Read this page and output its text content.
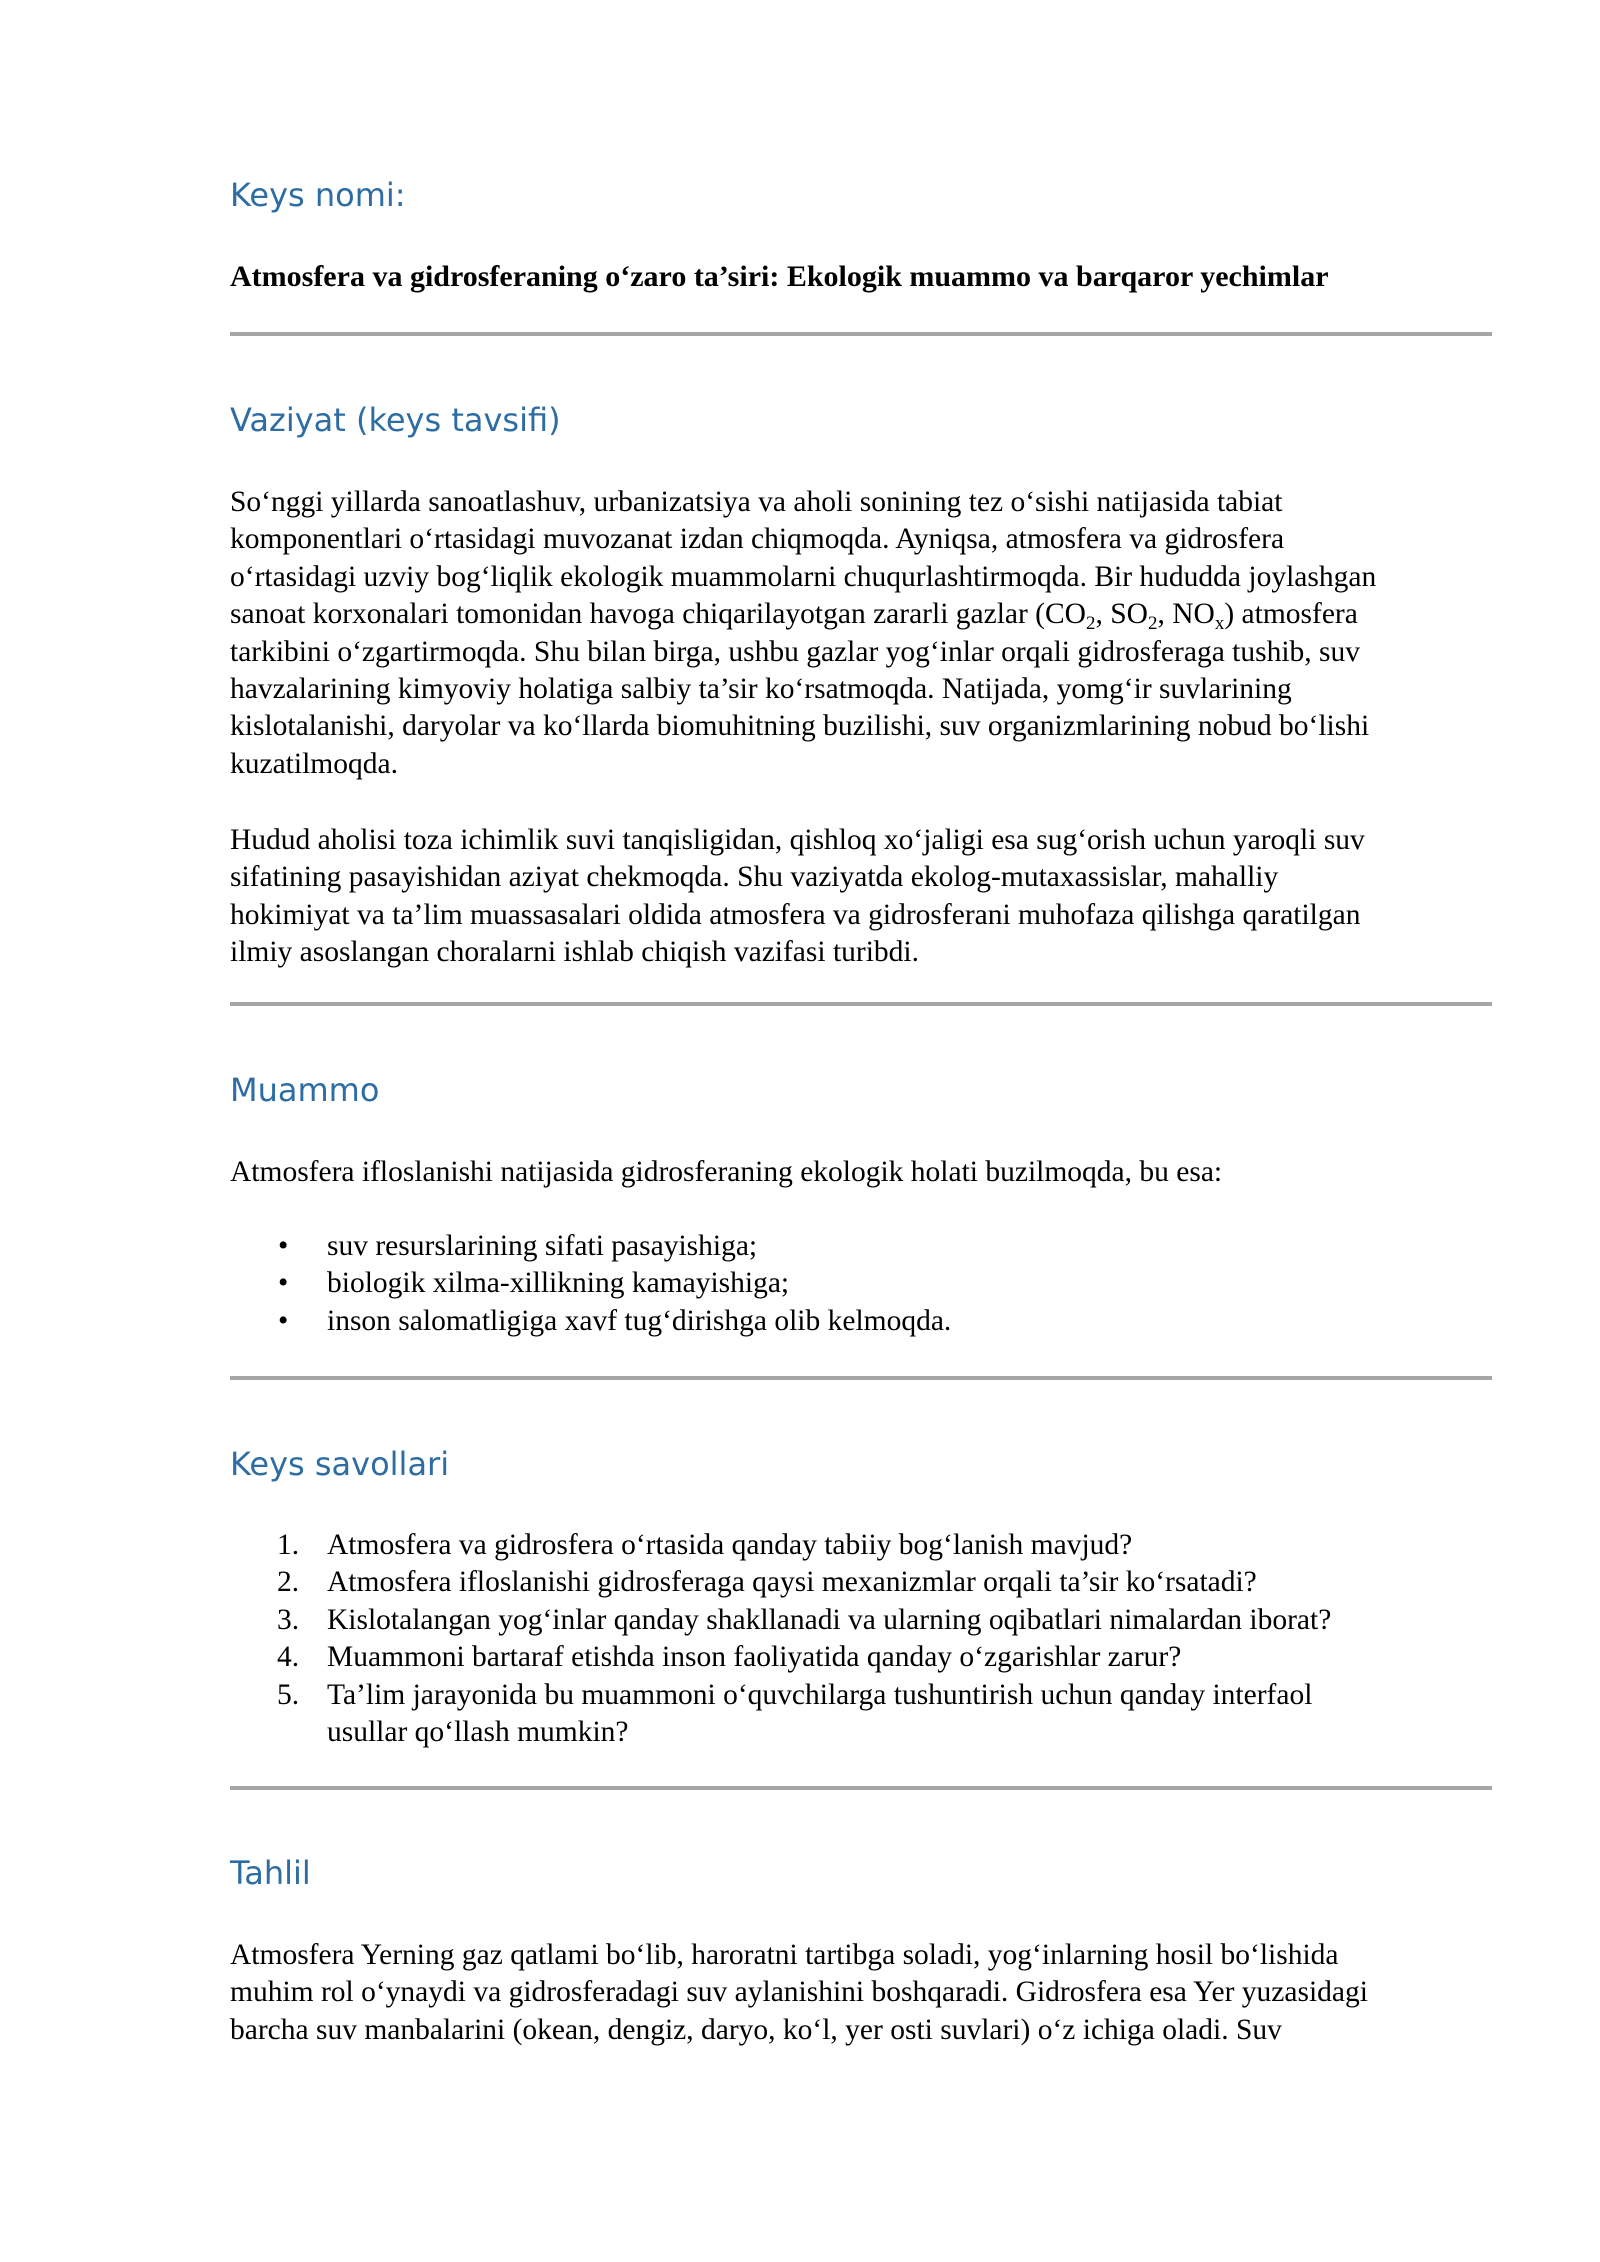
Keys nomi:

Atmosfera va gidrosferaning o‘zaro ta’siri: Ekologik muammo va barqaror yechimlar

Vaziyat (keys tavsifi)
So‘nggi yillarda sanoatlashuv, urbanizatsiya va aholi sonining tez o‘sishi natijasida tabiat
komponentlari o‘rtasidagi muvozanat izdan chiqmoqda. Ayniqsa, atmosfera va gidrosfera
o‘rtasidagi uzviy bog‘liqlik ekologik muammolarni chuqurlashtirmoqda. Bir hududda joylashgan
sanoat korxonalari tomonidan havoga chiqarilayotgan zararli gazlar ($CO_2$, $SO_2$, $NO_x$) atmosfera
tarkibini o‘zgartirmoqda. Shu bilan birga, ushbu gazlar yog‘inlar orqali gidrosferaga tushib, suv
havzalarining kimyoviy holatiga salbiy ta’sir ko‘rsatmoqda. Natijada, yomg‘ir suvlarining
kislotalanishi, daryolar va ko‘llarda biomuhitning buzilishi, suv organizmlarining nobud bo‘lishi
kuzatilmoqda.
Hudud aholisi toza ichimlik suvi tanqisligidan, qishloq xo‘jaligi esa sug‘orish uchun yaroqli suv
sifatining pasayishidan aziyat chekmoqda. Shu vaziyatda ekolog-mutaxassislar, mahalliy
hokimiyat va ta’lim muassasalari oldida atmosfera va gidrosferani muhofaza qilishga qaratilgan
ilmiy asoslangan choralarni ishlab chiqish vazifasi turibdi.
Muammo

Atmosfera ifloslanishi natijasida gidrosferaning ekologik holati buzilmoqda, bu esa:

• suv resurslarining sifati pasayishiga;
• biologik xilma-xillikning kamayishiga;
• inson salomatligiga xavf tug‘dirishga olib kelmoqda.
Keys savollari
1. Atmosfera va gidrosfera o‘rtasida qanday tabiiy bog‘lanish mavjud?
2. Atmosfera ifloslanishi gidrosferaga qaysi mexanizmlar orqali ta’sir ko‘rsatadi?
3. Kislotalangan yog‘inlar qanday shakllanadi va ularning oqibatlari nimalardan iborat?
4. Muammoni bartaraf etishda inson faoliyatida qanday o‘zgarishlar zarur?
5. Ta’lim jarayonida bu muammoni o‘quvchilarga tushuntirish uchun qanday interfaol
usullar qo‘llash mumkin?
Tahlil
Atmosfera Yerning gaz qatlami bo‘lib, haroratni tartibga soladi, yog‘inlarning hosil bo‘lishida
muhim rol o‘ynaydi va gidrosferadagi suv aylanishini boshqaradi. Gidrosfera esa Yer yuzasidagi
barcha suv manbalarini (okean, dengiz, daryo, ko‘l, yer osti suvlari) o‘z ichiga oladi. Suv
